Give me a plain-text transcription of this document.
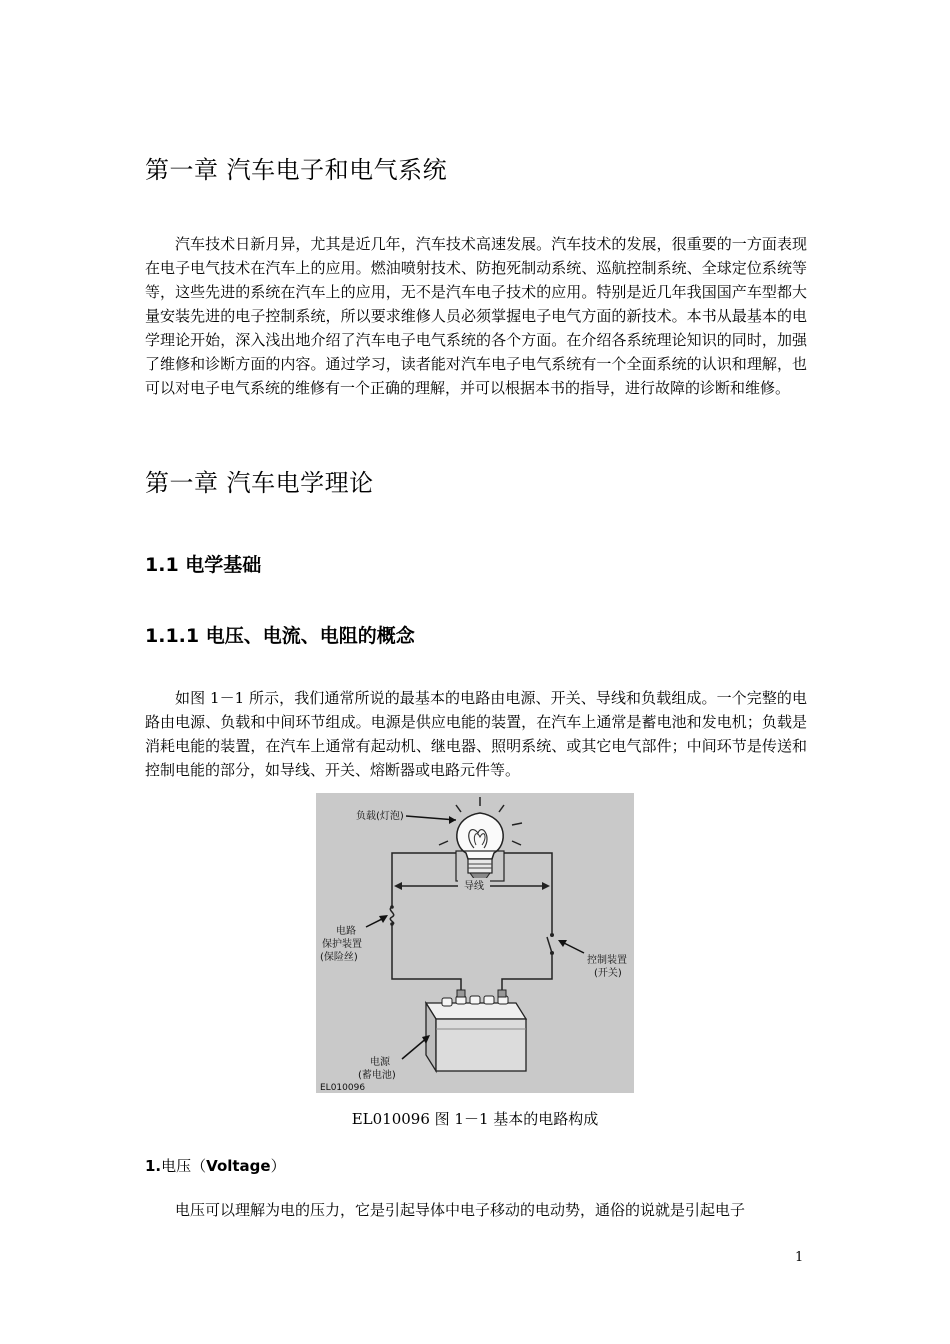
第一章 汽车电子和电气系统

汽车技术日新月异，尤其是近几年，汽车技术高速发展。汽车技术的发展，很重要的一方面表现在电子电气技术在汽车上的应用。燃油喷射技术、防抱死制动系统、巡航控制系统、全球定位系统等等，这些先进的系统在汽车上的应用，无不是汽车电子技术的应用。特别是近几年我国国产车型都大量安装先进的电子控制系统，所以要求维修人员必须掌握电子电气方面的新技术。本书从最基本的电学理论开始，深入浅出地介绍了汽车电子电气系统的各个方面。在介绍各系统理论知识的同时，加强了维修和诊断方面的内容。通过学习，读者能对汽车电子电气系统有一个全面系统的认识和理解，也可以对电子电气系统的维修有一个正确的理解，并可以根据本书的指导，进行故障的诊断和维修。

第一章 汽车电学理论
1.1 电学基础
1.1.1 电压、电流、电阻的概念

如图 1－1 所示，我们通常所说的最基本的电路由电源、开关、导线和负载组成。一个完整的电路由电源、负载和中间环节组成。电源是供应电能的装置，在汽车上通常是蓄电池和发电机；负载是消耗电能的装置，在汽车上通常有起动机、继电器、照明系统、或其它电气部件；中间环节是传送和控制电能的部分，如导线、开关、熔断器或电路元件等。

负载(灯泡)
导线
电路
保护装置
(保险丝)	控制装置
(开关)
电源
(蓄电池)
EL010096

EL010096 图 1－1 基本的电路构成

1.电压（Voltage）

电压可以理解为电的压力，它是引起导体中电子移动的电动势，通俗的说就是引起电子

1
